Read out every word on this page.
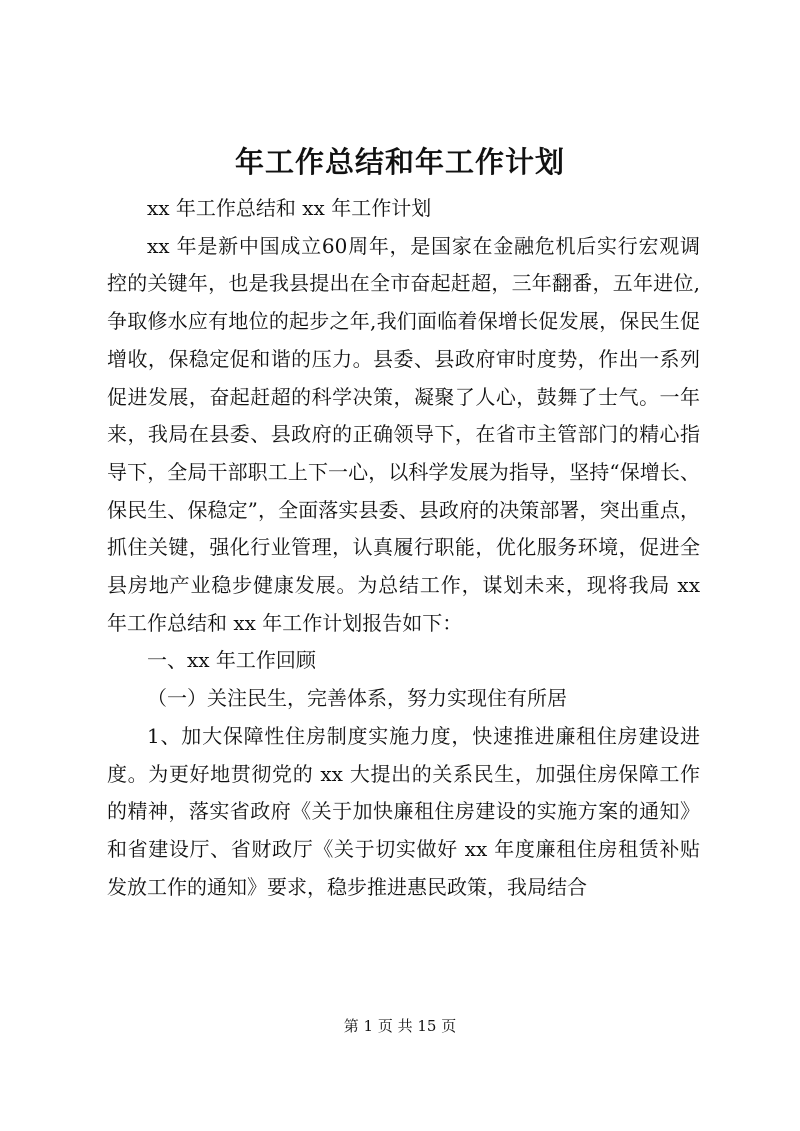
年工作总结和年工作计划

xx 年工作总结和 xx 年工作计划

xx 年是新中国成立60周年，是国家在金融危机后实行宏观调控的关键年，也是我县提出在全市奋起赶超，三年翻番，五年进位,争取修水应有地位的起步之年,我们面临着保增长促发展，保民生促增收，保稳定促和谐的压力。县委、县政府审时度势，作出一系列促进发展，奋起赶超的科学决策，凝聚了人心，鼓舞了士气。一年来，我局在县委、县政府的正确领导下，在省市主管部门的精心指导下，全局干部职工上下一心，以科学发展为指导，坚持“保增长、保民生、保稳定”，全面落实县委、县政府的决策部署，突出重点，抓住关键，强化行业管理，认真履行职能，优化服务环境，促进全县房地产业稳步健康发展。为总结工作，谋划未来，现将我局 xx 年工作总结和 xx 年工作计划报告如下：

一、xx 年工作回顾

（一）关注民生，完善体系，努力实现住有所居

1、加大保障性住房制度实施力度，快速推进廉租住房建设进度。为更好地贯彻党的 xx 大提出的关系民生，加强住房保障工作的精神，落实省政府《关于加快廉租住房建设的实施方案的通知》和省建设厅、省财政厅《关于切实做好 xx 年度廉租住房租赁补贴发放工作的通知》要求，稳步推进惠民政策，我局结合

第 1 页 共 15 页
